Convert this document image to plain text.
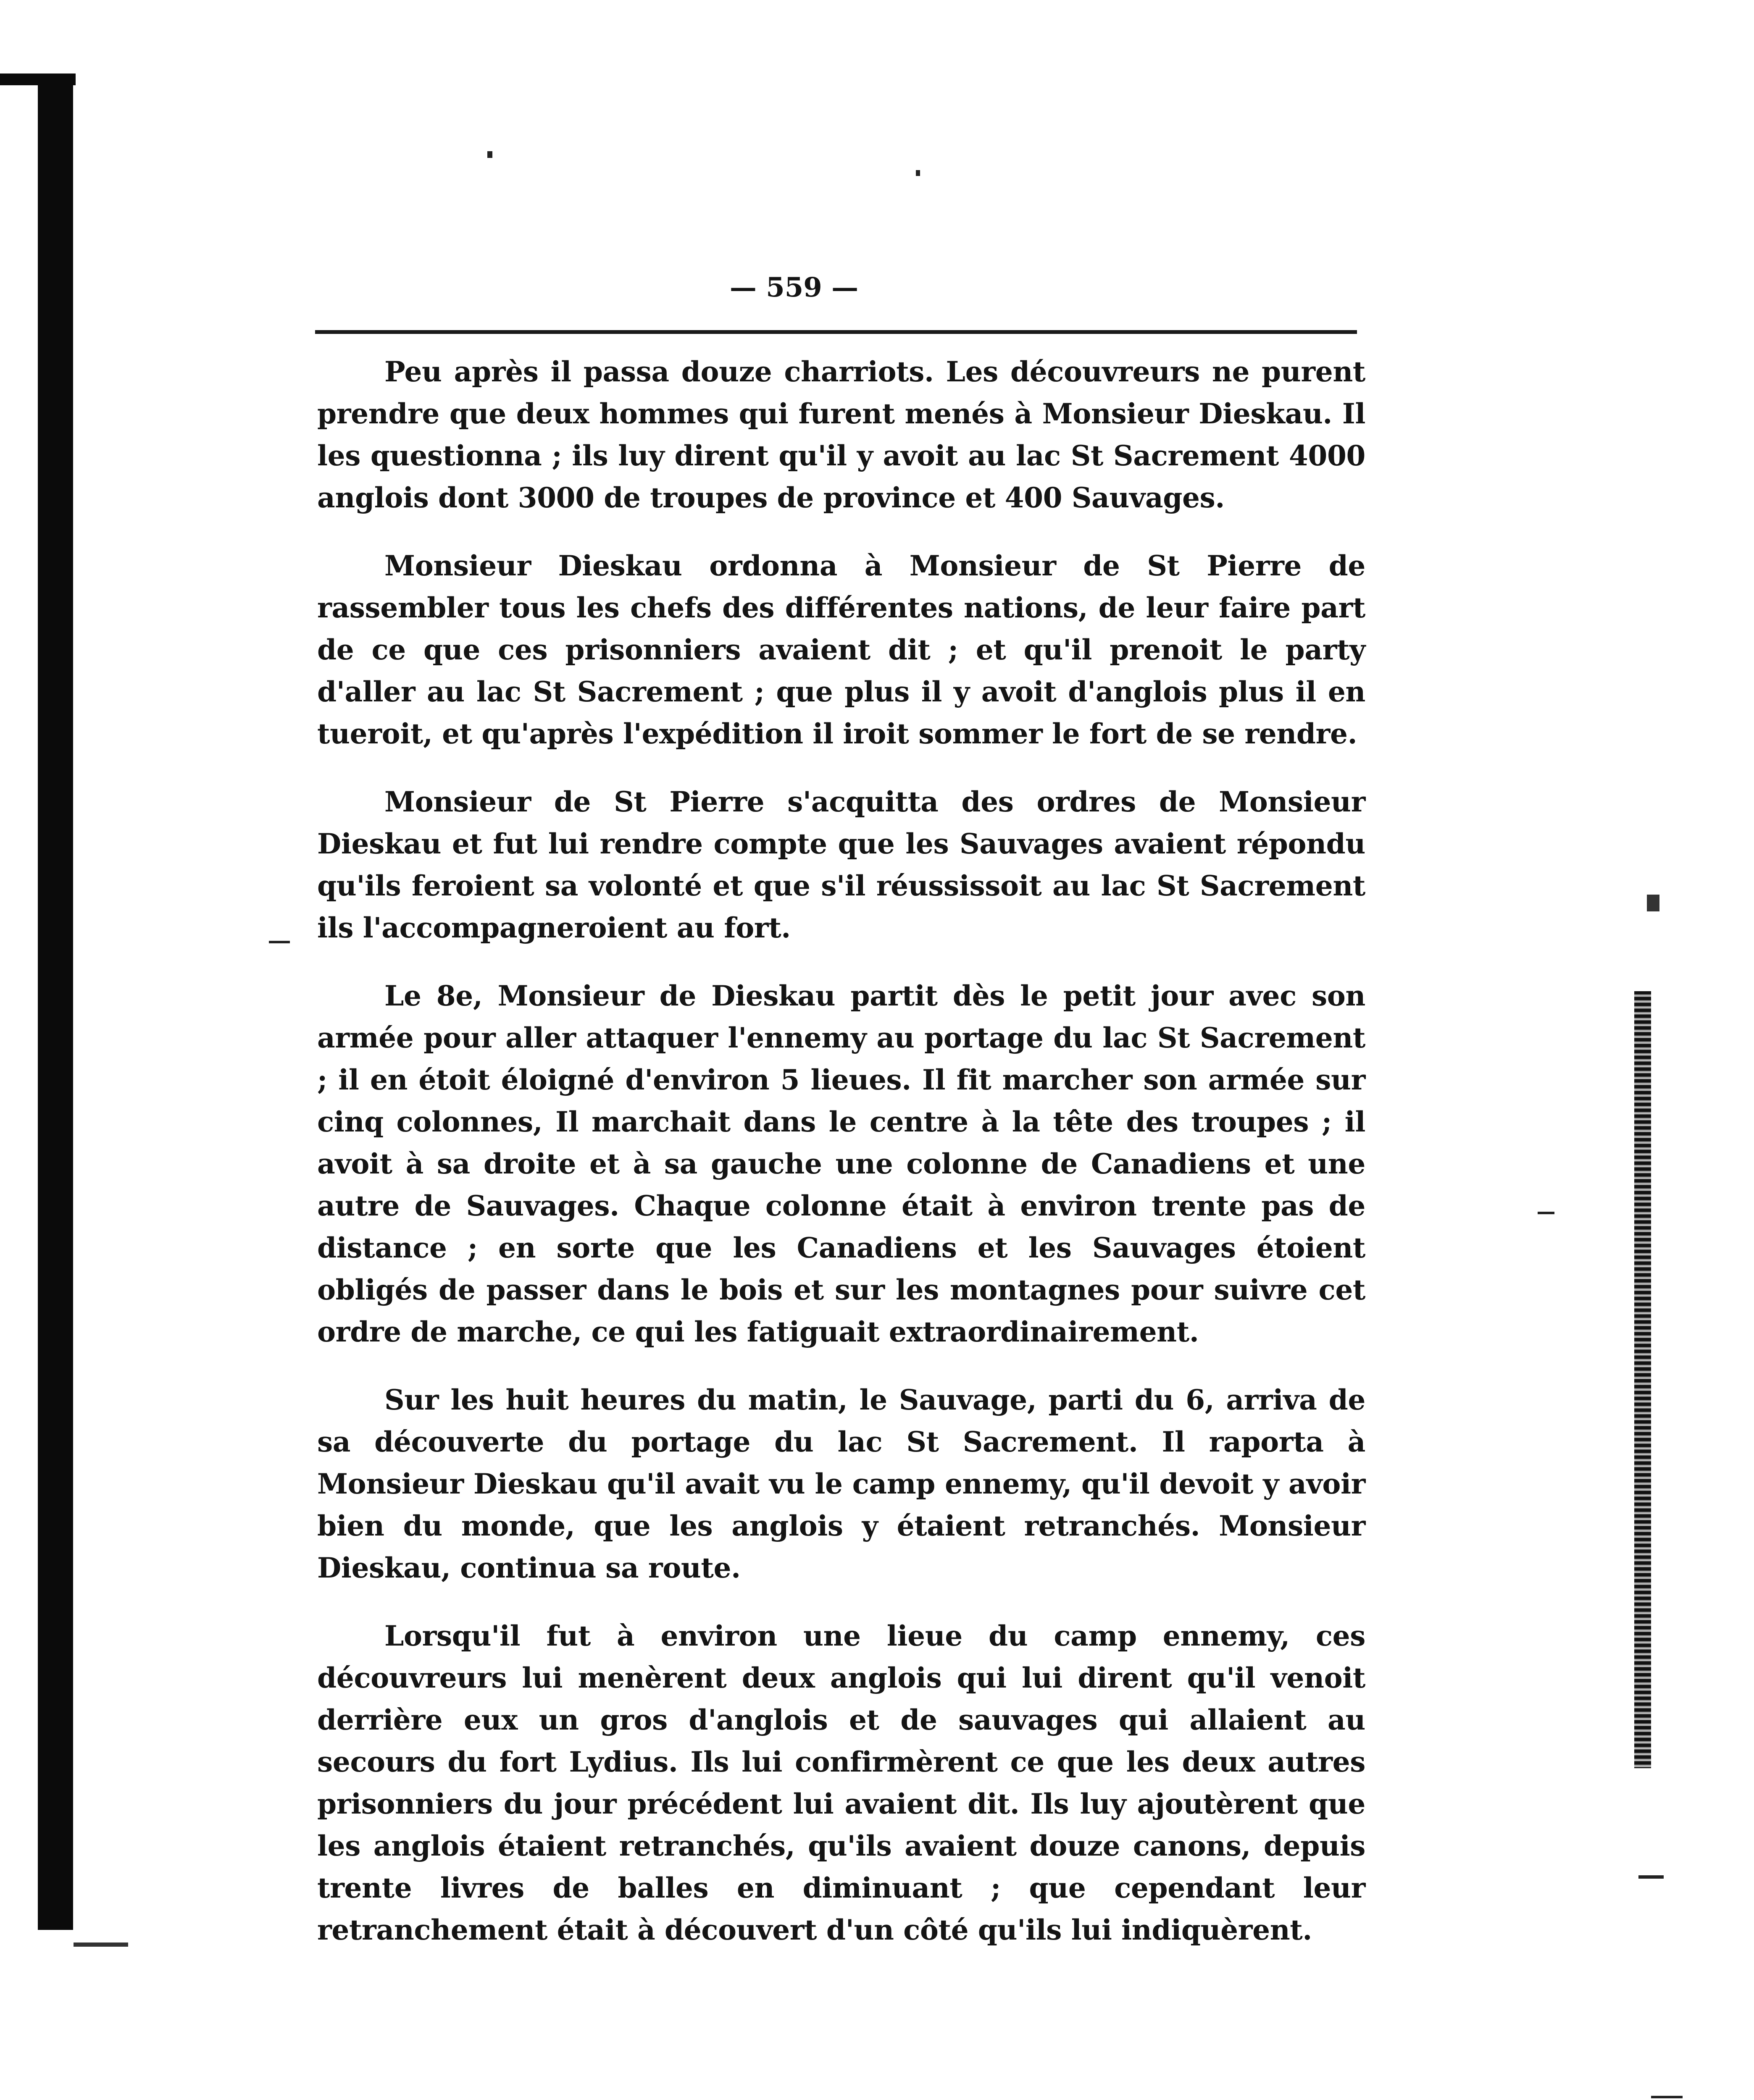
— 559 —

Peu après il passa douze charriots. Les découvreurs ne purent prendre que deux hommes qui furent menés à Monsieur Dieskau. Il les questionna ; ils luy dirent qu'il y avoit au lac St Sacrement 4000 anglois dont 3000 de troupes de province et 400 Sauvages.

Monsieur Dieskau ordonna à Monsieur de St Pierre de rassembler tous les chefs des différentes nations, de leur faire part de ce que ces prisonniers avaient dit ; et qu'il prenoit le party d'aller au lac St Sacrement ; que plus il y avoit d'anglois plus il en tueroit, et qu'après l'expédition il iroit sommer le fort de se rendre.

Monsieur de St Pierre s'acquitta des ordres de Monsieur Dieskau et fut lui rendre compte que les Sauvages avaient répondu qu'ils feroient sa volonté et que s'il réussissoit au lac St Sacrement ils l'accompagneroient au fort.

Le 8e, Monsieur de Dieskau partit dès le petit jour avec son armée pour aller attaquer l'ennemy au portage du lac St Sacrement ; il en étoit éloigné d'environ 5 lieues. Il fit marcher son armée sur cinq colonnes, Il marchait dans le centre à la tête des troupes ; il avoit à sa droite et à sa gauche une colonne de Canadiens et une autre de Sauvages. Chaque colonne était à environ trente pas de distance ; en sorte que les Canadiens et les Sauvages étoient obligés de passer dans le bois et sur les montagnes pour suivre cet ordre de marche, ce qui les fatiguait extraordinairement.

Sur les huit heures du matin, le Sauvage, parti du 6, arriva de sa découverte du portage du lac St Sacrement. Il raporta à Monsieur Dieskau qu'il avait vu le camp ennemy, qu'il devoit y avoir bien du monde, que les anglois y étaient retranchés. Monsieur Dieskau, continua sa route.

Lorsqu'il fut à environ une lieue du camp ennemy, ces découvreurs lui menèrent deux anglois qui lui dirent qu'il venoit derrière eux un gros d'anglois et de sauvages qui allaient au secours du fort Lydius. Ils lui confirmèrent ce que les deux autres prisonniers du jour précédent lui avaient dit. Ils luy ajoutèrent que les anglois étaient retranchés, qu'ils avaient douze canons, depuis trente livres de balles en diminuant ; que cependant leur retranchement était à découvert d'un côté qu'ils lui indiquèrent.
